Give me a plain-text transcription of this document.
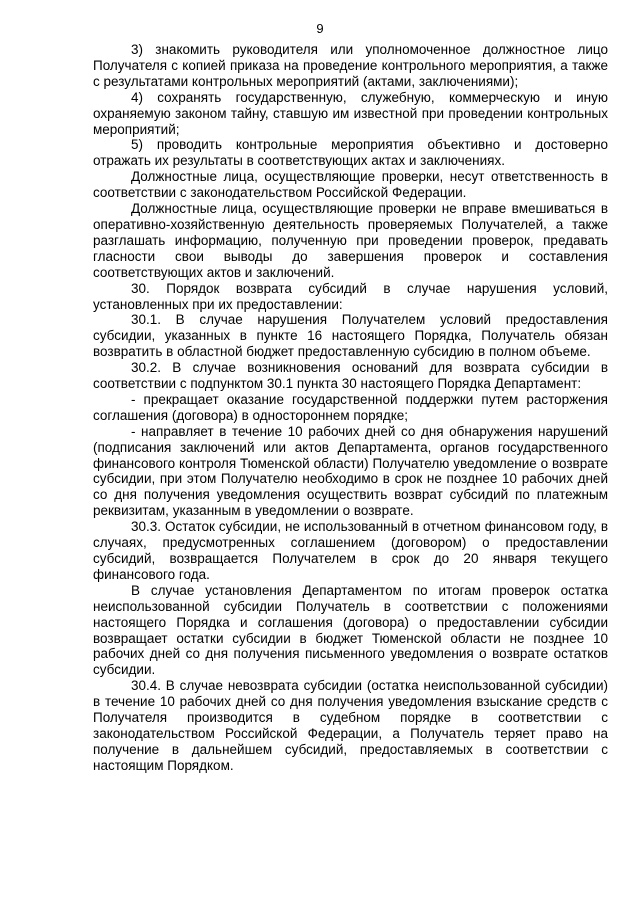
9

3) знакомить руководителя или уполномоченное должностное лицо Получателя с копией приказа на проведение контрольного мероприятия, а также с результатами контрольных мероприятий (актами, заключениями);

4) сохранять государственную, служебную, коммерческую и иную охраняемую законом тайну, ставшую им известной при проведении контрольных мероприятий;

5) проводить контрольные мероприятия объективно и достоверно отражать их результаты в соответствующих актах и заключениях.

Должностные лица, осуществляющие проверки, несут ответственность в соответствии с законодательством Российской Федерации.

Должностные лица, осуществляющие проверки не вправе вмешиваться в оперативно-хозяйственную деятельность проверяемых Получателей, а также разглашать информацию, полученную при проведении проверок, предавать гласности свои выводы до завершения проверок и составления соответствующих актов и заключений.

30. Порядок возврата субсидий в случае нарушения условий, установленных при их предоставлении:

30.1. В случае нарушения Получателем условий предоставления субсидии, указанных в пункте 16 настоящего Порядка, Получатель обязан возвратить в областной бюджет предоставленную субсидию в полном объеме.

30.2. В случае возникновения оснований для возврата субсидии в соответствии с подпунктом 30.1 пункта 30 настоящего Порядка Департамент:

- прекращает оказание государственной поддержки путем расторжения соглашения (договора) в одностороннем порядке;

- направляет в течение 10 рабочих дней со дня обнаружения нарушений (подписания заключений или актов Департамента, органов государственного финансового контроля Тюменской области) Получателю уведомление о возврате субсидии, при этом Получателю необходимо в срок не позднее 10 рабочих дней со дня получения уведомления осуществить возврат субсидий по платежным реквизитам, указанным в уведомлении о возврате.

30.3. Остаток субсидии, не использованный в отчетном финансовом году, в случаях, предусмотренных соглашением (договором) о предоставлении субсидий, возвращается Получателем в срок до 20 января текущего финансового года.

В случае установления Департаментом по итогам проверок остатка неиспользованной субсидии Получатель в соответствии с положениями настоящего Порядка и соглашения (договора) о предоставлении субсидии возвращает остатки субсидии в бюджет Тюменской области не позднее 10 рабочих дней со дня получения письменного уведомления о возврате остатков субсидии.

30.4. В случае невозврата субсидии (остатка неиспользованной субсидии) в течение 10 рабочих дней со дня получения уведомления взыскание средств с Получателя производится в судебном порядке в соответствии с законодательством Российской Федерации, а Получатель теряет право на получение в дальнейшем субсидий, предоставляемых в соответствии с настоящим Порядком.
